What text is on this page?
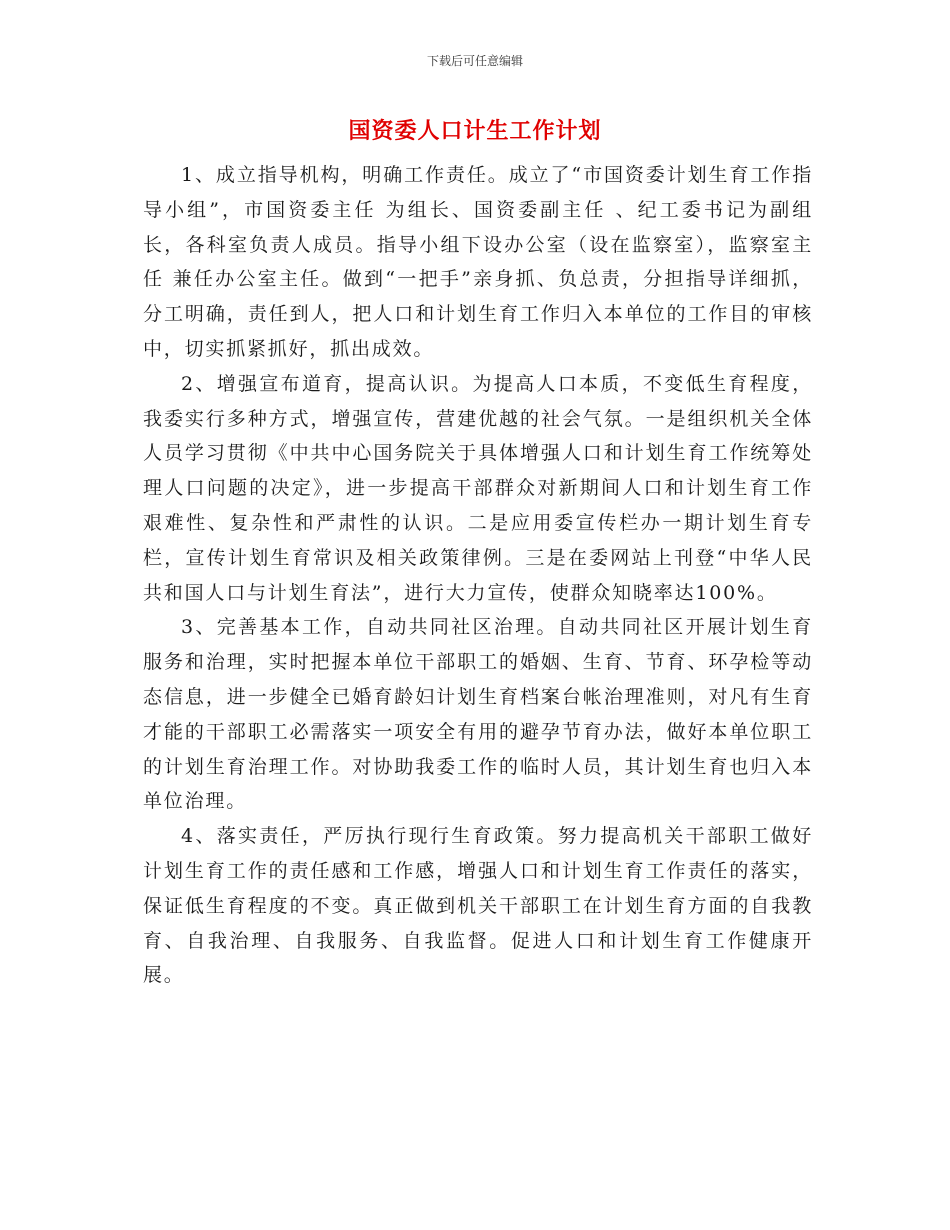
下载后可任意编辑
国资委人口计生工作计划

1、成立指导机构，明确工作责任。成立了“市国资委计划生育工作指导小组”，市国资委主任 为组长、国资委副主任 、纪工委书记为副组长，各科室负责人成员。指导小组下设办公室（设在监察室），监察室主任 兼任办公室主任。做到“一把手”亲身抓、负总责，分担指导详细抓，分工明确，责任到人，把人口和计划生育工作归入本单位的工作目的审核中，切实抓紧抓好，抓出成效。

2、增强宣布道育，提高认识。为提高人口本质，不变低生育程度，我委实行多种方式，增强宣传，营建优越的社会气氛。一是组织机关全体人员学习贯彻《中共中心国务院关于具体增强人口和计划生育工作统筹处理人口问题的决定》，进一步提高干部群众对新期间人口和计划生育工作艰难性、复杂性和严肃性的认识。二是应用委宣传栏办一期计划生育专栏，宣传计划生育常识及相关政策律例。三是在委网站上刊登“中华人民共和国人口与计划生育法”，进行大力宣传，使群众知晓率达100%。

3、完善基本工作，自动共同社区治理。自动共同社区开展计划生育服务和治理，实时把握本单位干部职工的婚姻、生育、节育、环孕检等动态信息，进一步健全已婚育龄妇计划生育档案台帐治理准则，对凡有生育才能的干部职工必需落实一项安全有用的避孕节育办法，做好本单位职工的计划生育治理工作。对协助我委工作的临时人员，其计划生育也归入本单位治理。

4、落实责任，严厉执行现行生育政策。努力提高机关干部职工做好计划生育工作的责任感和工作感，增强人口和计划生育工作责任的落实，保证低生育程度的不变。真正做到机关干部职工在计划生育方面的自我教育、自我治理、自我服务、自我监督。促进人口和计划生育工作健康开展。
